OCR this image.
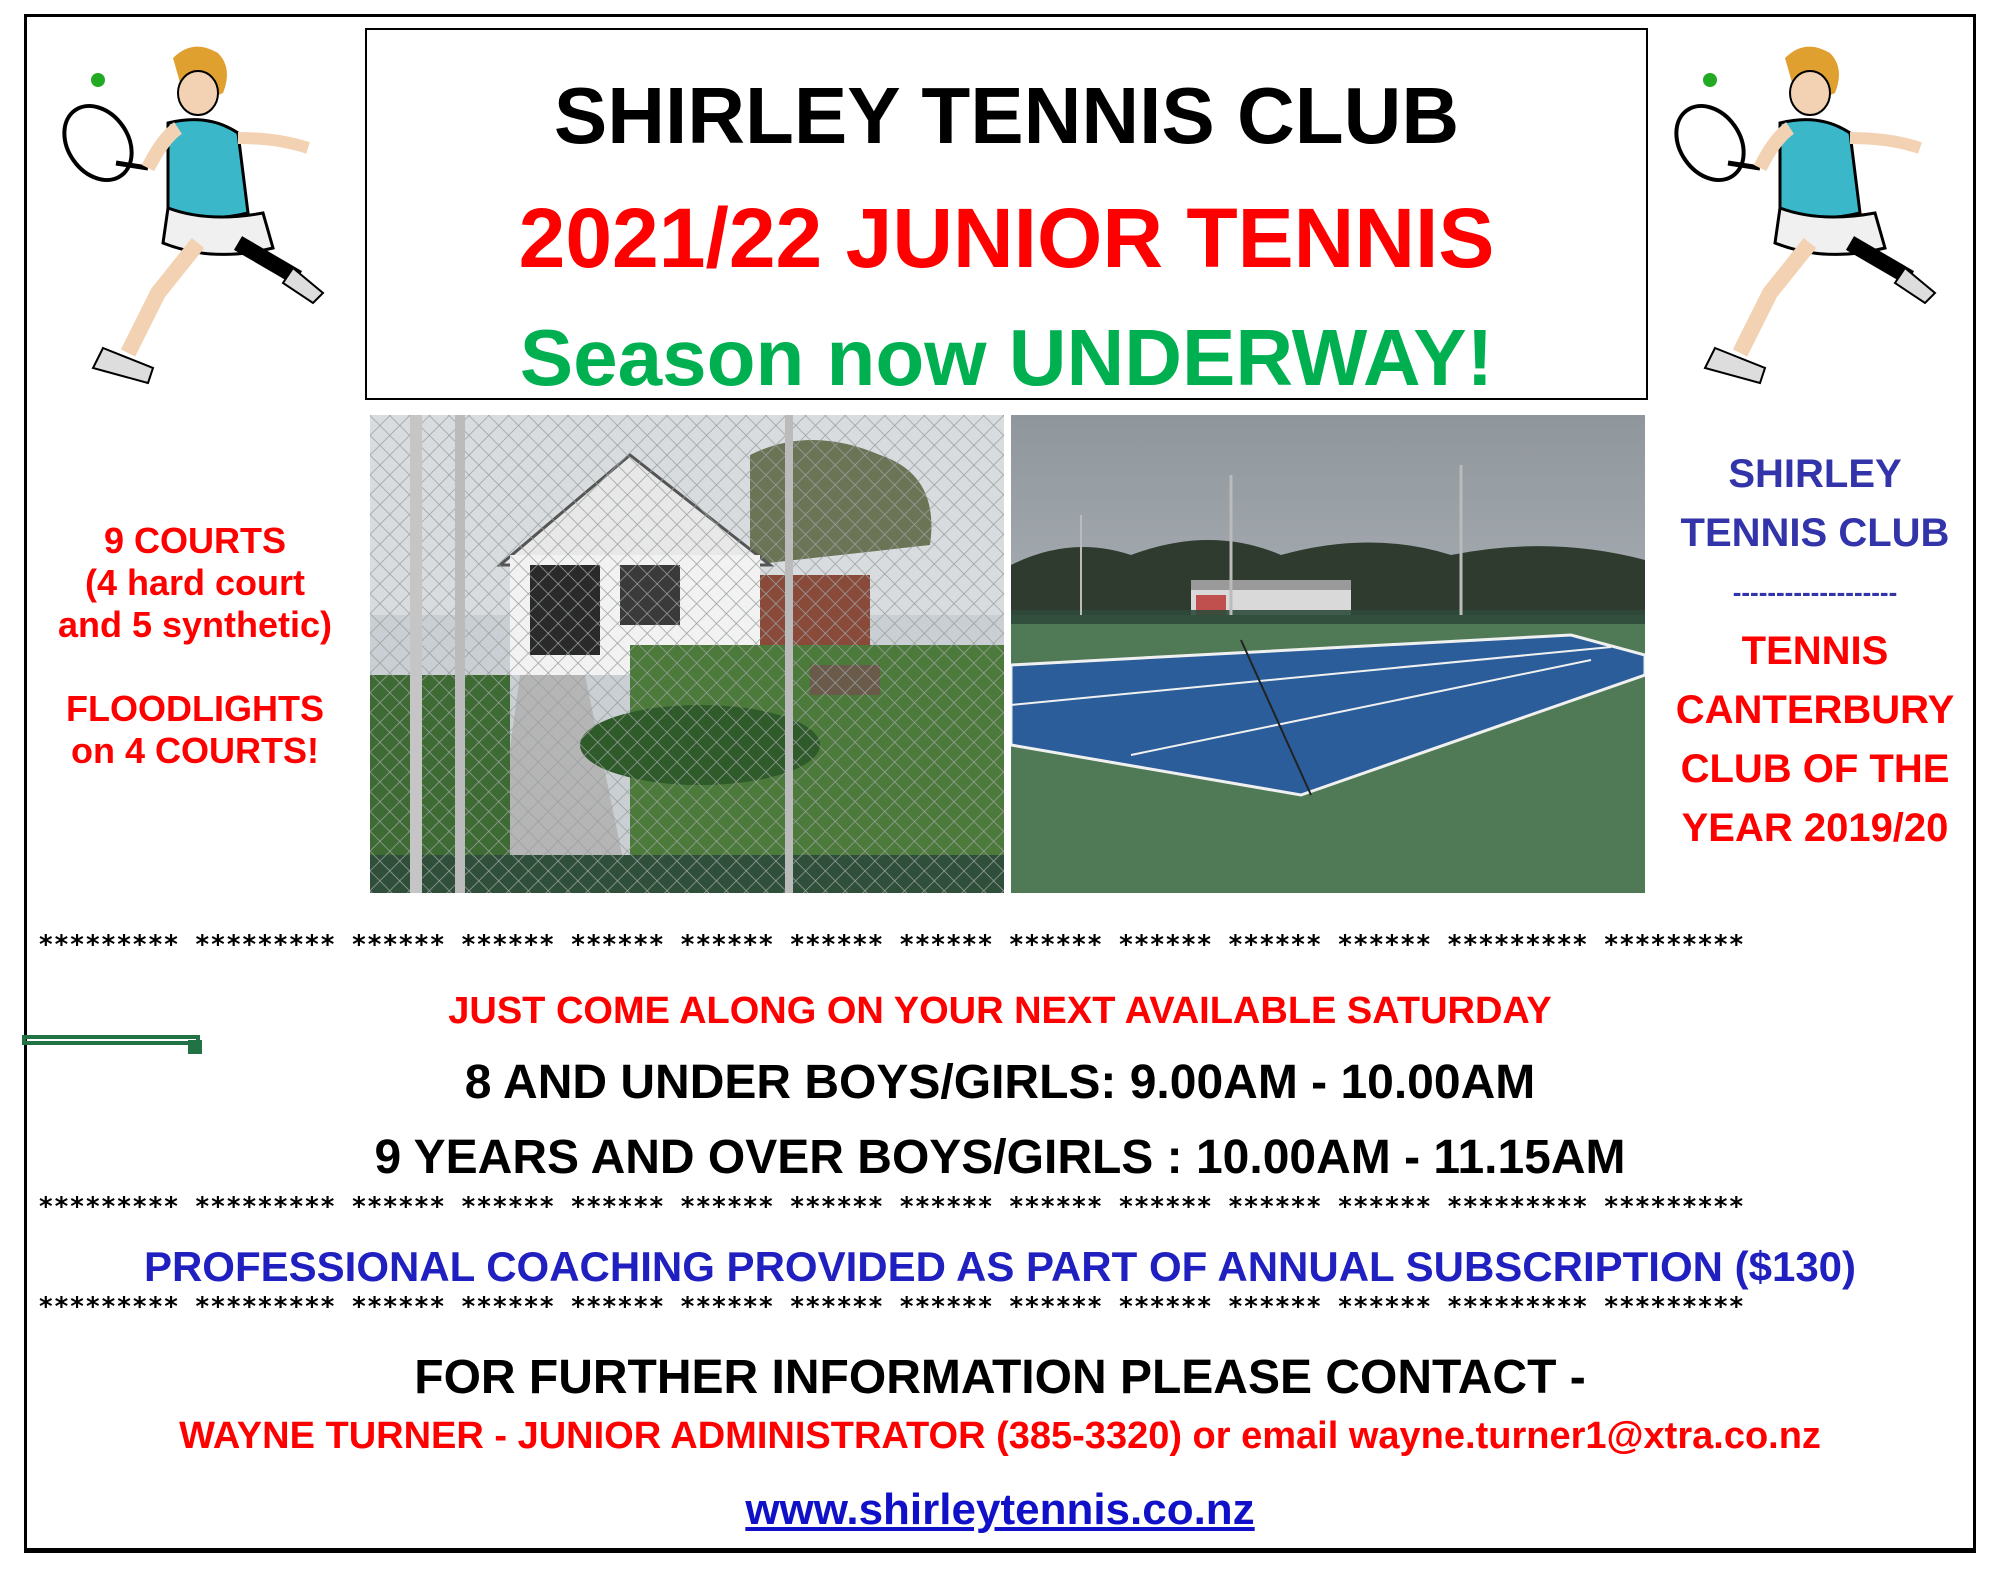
SHIRLEY TENNIS CLUB
2021/22 JUNIOR TENNIS
Season now UNDERWAY!
9 COURTS
(4 hard court
and 5 synthetic)
FLOODLIGHTS
on 4 COURTS!
SHIRLEY
TENNIS CLUB
-------------------
TENNIS
CANTERBURY
CLUB OF THE
YEAR 2019/20
********* ********* ****** ****** ****** ****** ****** ****** ****** ****** ****** ****** ********* *********
********* ********* ****** ****** ****** ****** ****** ****** ****** ****** ****** ****** ********* *********
********* ********* ****** ****** ****** ****** ****** ****** ****** ****** ****** ****** ********* *********
JUST COME ALONG ON YOUR NEXT AVAILABLE SATURDAY
8 AND UNDER BOYS/GIRLS: 9.00AM - 10.00AM
9 YEARS AND OVER BOYS/GIRLS : 10.00AM - 11.15AM
PROFESSIONAL COACHING PROVIDED AS PART OF ANNUAL SUBSCRIPTION ($130)
FOR FURTHER INFORMATION PLEASE CONTACT -
WAYNE TURNER - JUNIOR ADMINISTRATOR (385-3320) or email wayne.turner1@xtra.co.nz
www.shirleytennis.co.nz
